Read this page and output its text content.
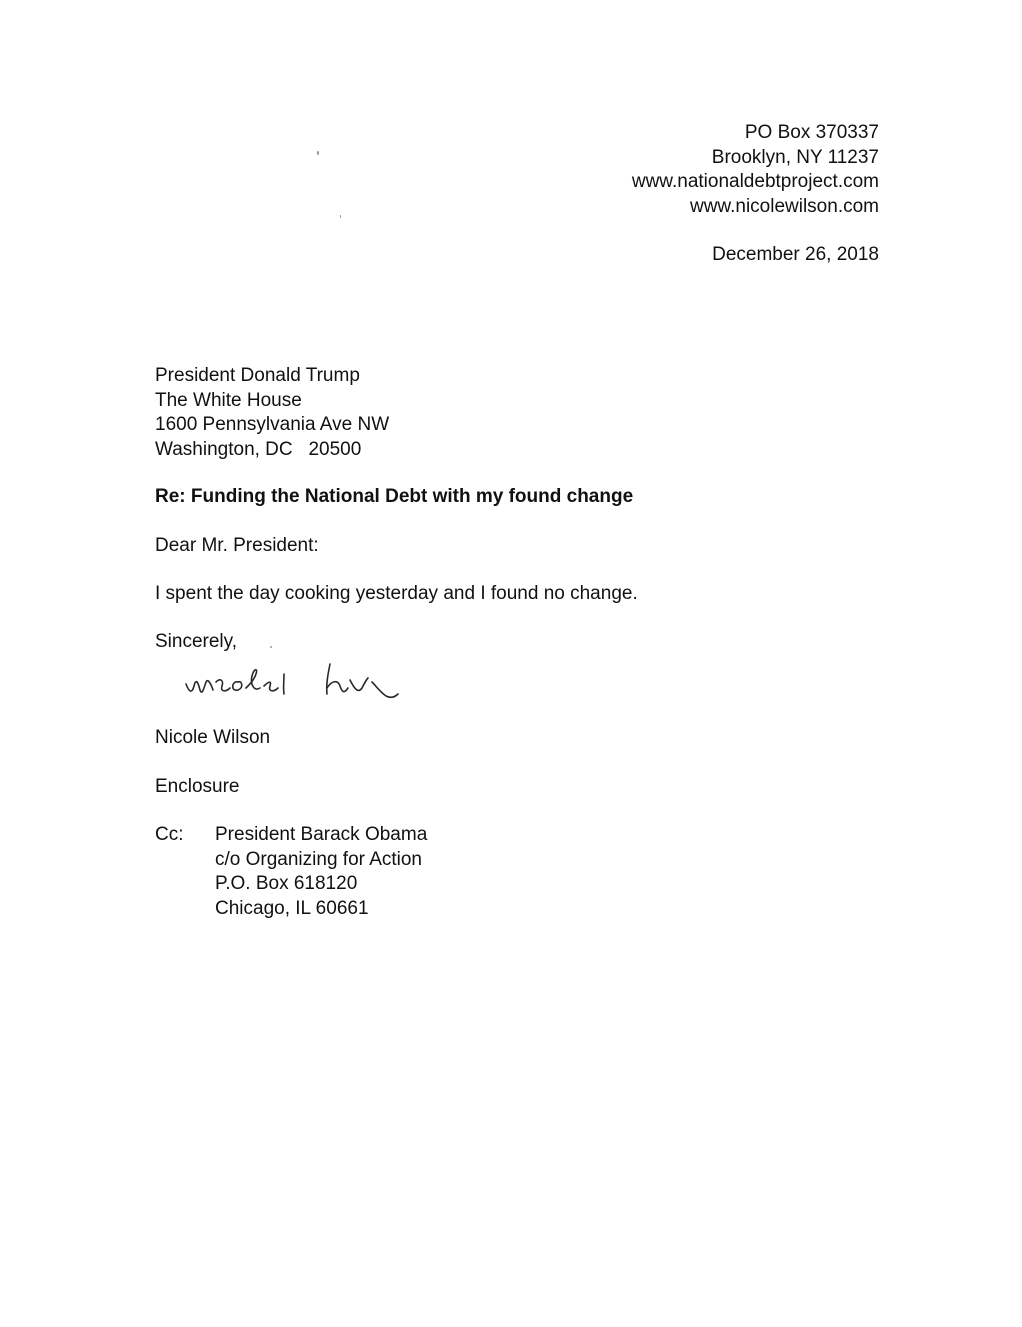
PO Box 370337
Brooklyn, NY 11237
www.nationaldebtproject.com
www.nicolewilson.com
December 26, 2018
President Donald Trump
The White House
1600 Pennsylvania Ave NW
Washington, DC   20500
Re: Funding the National Debt with my found change
Dear Mr. President:
I spent the day cooking yesterday and I found no change.
Sincerely,
Nicole Wilson
Enclosure
Cc: President Barack Obama
c/o Organizing for Action
P.O. Box 618120
Chicago, IL 60661
